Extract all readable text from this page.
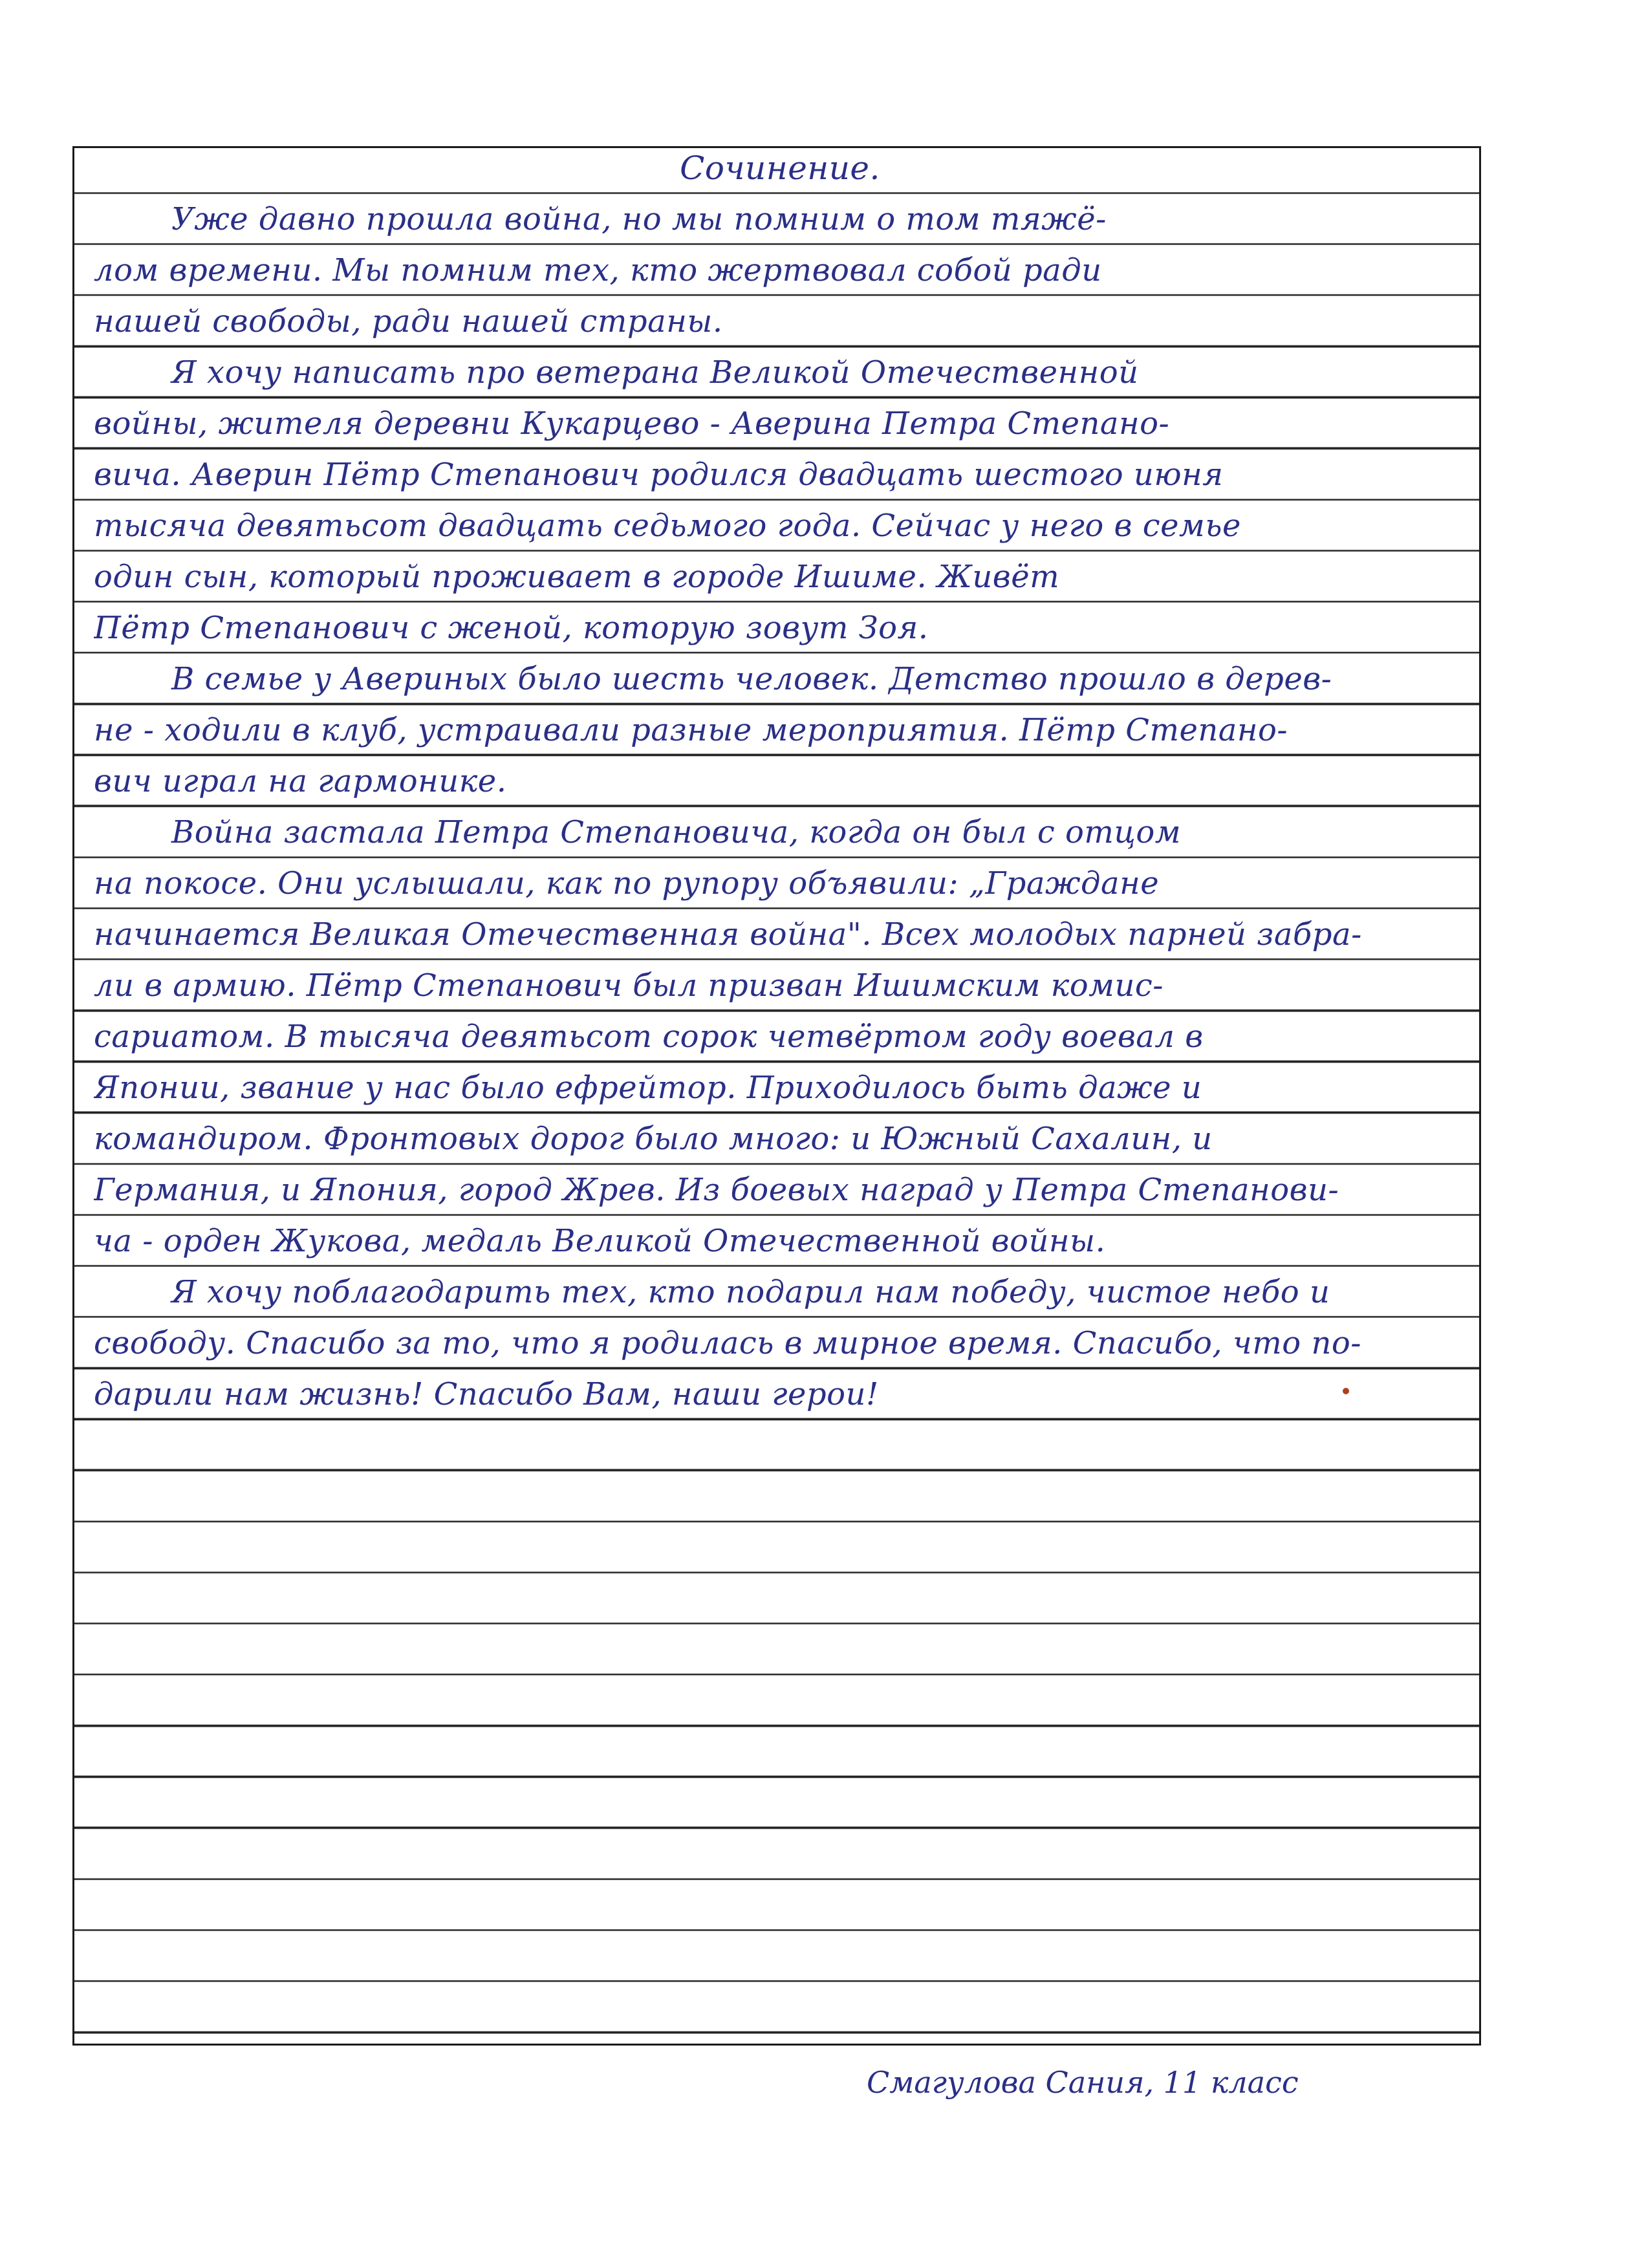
Сочинение.
Уже давно прошла война, но мы помним о том тяжё-
лом времени. Мы помним тех, кто жертвовал собой ради
нашей свободы, ради нашей страны.
Я хочу написать про ветерана Великой Отечественной
войны, жителя деревни Кукарцево - Аверина Петра Степано-
вича. Аверин Пётр Степанович родился двадцать шестого июня
тысяча девятьсот двадцать седьмого года. Сейчас у него в семье
один сын, который проживает в городе Ишиме. Живёт
Пётр Степанович с женой, которую зовут Зоя.
В семье у Авериных было шесть человек. Детство прошло в дерев-
не - ходили в клуб, устраивали разные мероприятия. Пётр Степано-
вич играл на гармонике.
Война застала Петра Степановича, когда он был с отцом
на покосе. Они услышали, как по рупору объявили: „Граждане
начинается Великая Отечественная война". Всех молодых парней забра-
ли в армию. Пётр Степанович был призван Ишимским комис-
сариатом. В тысяча девятьсот сорок четвёртом году воевал в
Японии, звание у нас было ефрейтор. Приходилось быть даже и
командиром. Фронтовых дорог было много: и Южный Сахалин, и
Германия, и Япония, город Жрев. Из боевых наград у Петра Степанови-
ча - орден Жукова, медаль Великой Отечественной войны.
Я хочу поблагодарить тех, кто подарил нам победу, чистое небо и
свободу. Спасибо за то, что я родилась в мирное время. Спасибо, что по-
дарили нам жизнь! Спасибо Вам, наши герои!
Смагулова Сания, 11 класс
